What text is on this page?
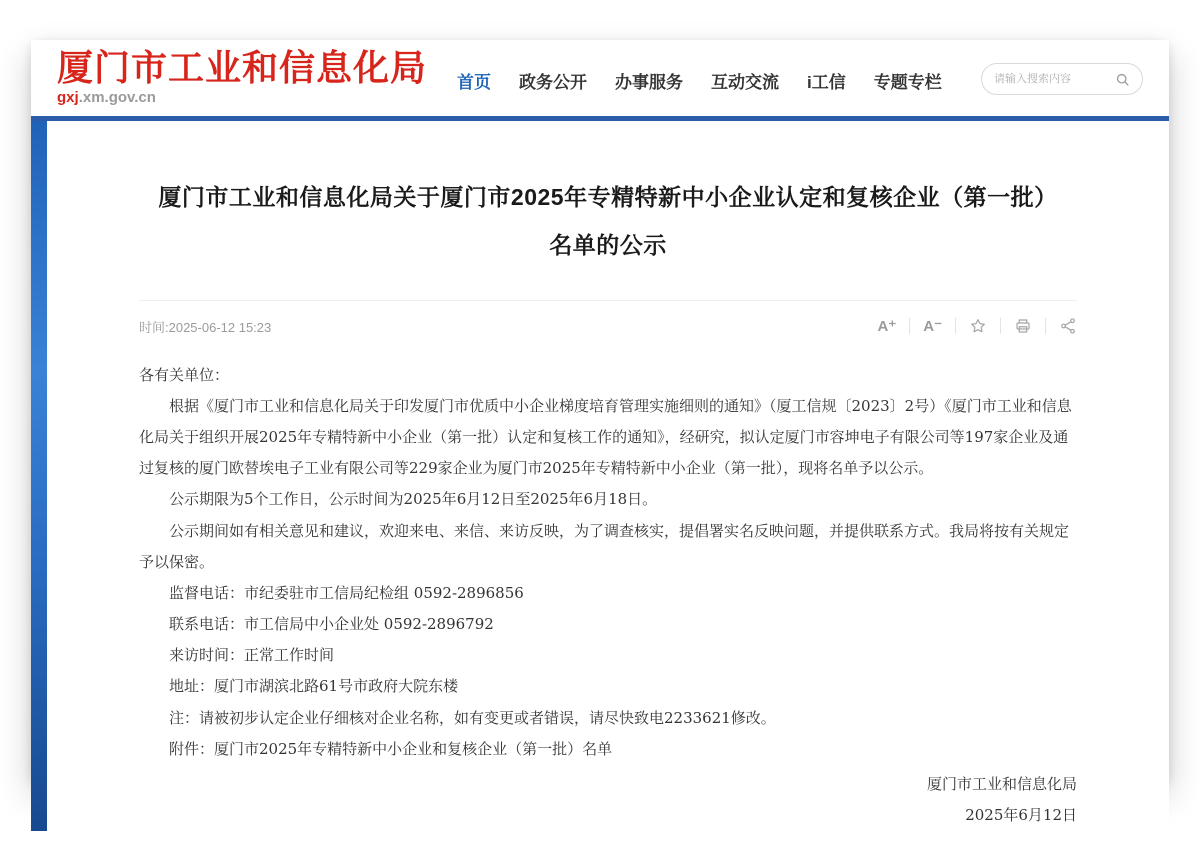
厦门市工业和信息化局
gxj.xm.gov.cn
首页 政务公开 办事服务 互动交流 i工信 专题专栏
请输入搜索内容
厦门市工业和信息化局关于厦门市2025年专精特新中小企业认定和复核企业（第一批）名单的公示
时间:2025-06-12 15:23	A⁺	A⁻

各有关单位：

根据《厦门市工业和信息化局关于印发厦门市优质中小企业梯度培育管理实施细则的通知》（厦工信规〔2023〕2号）《厦门市工业和信息化局关于组织开展2025年专精特新中小企业（第一批）认定和复核工作的通知》，经研究，拟认定厦门市容坤电子有限公司等197家企业及通过复核的厦门欧替埃电子工业有限公司等229家企业为厦门市2025年专精特新中小企业（第一批），现将名单予以公示。

公示期限为5个工作日，公示时间为2025年6月12日至2025年6月18日。

公示期间如有相关意见和建议，欢迎来电、来信、来访反映，为了调查核实，提倡署实名反映问题，并提供联系方式。我局将按有关规定予以保密。

监督电话：市纪委驻市工信局纪检组 0592-2896856

联系电话：市工信局中小企业处 0592-2896792

来访时间：正常工作时间

地址：厦门市湖滨北路61号市政府大院东楼

注：请被初步认定企业仔细核对企业名称，如有变更或者错误，请尽快致电2233621修改。

附件：厦门市2025年专精特新中小企业和复核企业（第一批）名单

厦门市工业和信息化局

2025年6月12日
